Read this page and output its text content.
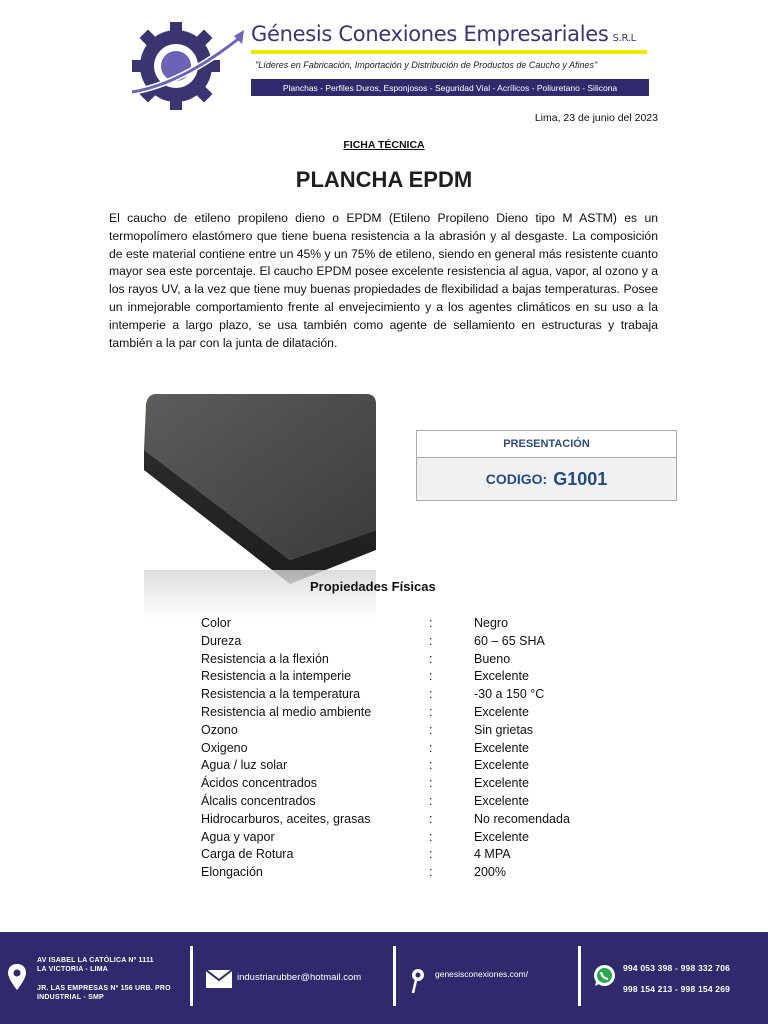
Génesis Conexiones Empresariales S.R.L
"Líderes en Fabricación, Importación y Distribución de Productos de Caucho y Afines"
Planchas - Perfiles Duros, Esponjosos - Seguridad Vial - Acrílicos - Poliuretano - Silicona
Lima, 23 de junio del 2023
FICHA TÉCNICA
PLANCHA EPDM
El caucho de etileno propileno dieno o EPDM (Etileno Propileno Dieno tipo M ASTM) es un termopolímero elastómero que tiene buena resistencia a la abrasión y al desgaste. La composición de este material contiene entre un 45% y un 75% de etileno, siendo en general más resistente cuanto mayor sea este porcentaje. El caucho EPDM posee excelente resistencia al agua, vapor, al ozono y a los rayos UV, a la vez que tiene muy buenas propiedades de flexibilidad a bajas temperaturas. Posee un inmejorable comportamiento frente al envejecimiento y a los agentes climáticos en su uso a la intemperie a largo plazo, se usa también como agente de sellamiento en estructuras y trabaja también a la par con la junta de dilatación.
PRESENTACIÓN
CODIGO: G1001
Propiedades Físicas
Color	:	Negro
Dureza	:	60 – 65 SHA
Resistencia a la flexión	:	Bueno
Resistencia a la intemperie	:	Excelente
Resistencia a la temperatura	:	-30 a 150 °C
Resistencia al medio ambiente	:	Excelente
Ozono	:	Sin grietas
Oxigeno	:	Excelente
Agua / luz solar	:	Excelente
Ácidos concentrados	:	Excelente
Álcalis concentrados	:	Excelente
Hidrocarburos, aceites, grasas	:	No recomendada
Agua y vapor	:	Excelente
Carga de Rotura	:	4 MPA
Elongación	:	200%
AV ISABEL LA CATÓLICA Nº 1111
LA VICTORIA - LIMA
JR. LAS EMPRESAS Nº 156 URB. PRO
INDUSTRIAL - SMP
industriarubber@hotmail.com	genesisconexiones.com/
994 053 398 - 998 332 706
998 154 213 - 998 154 269
